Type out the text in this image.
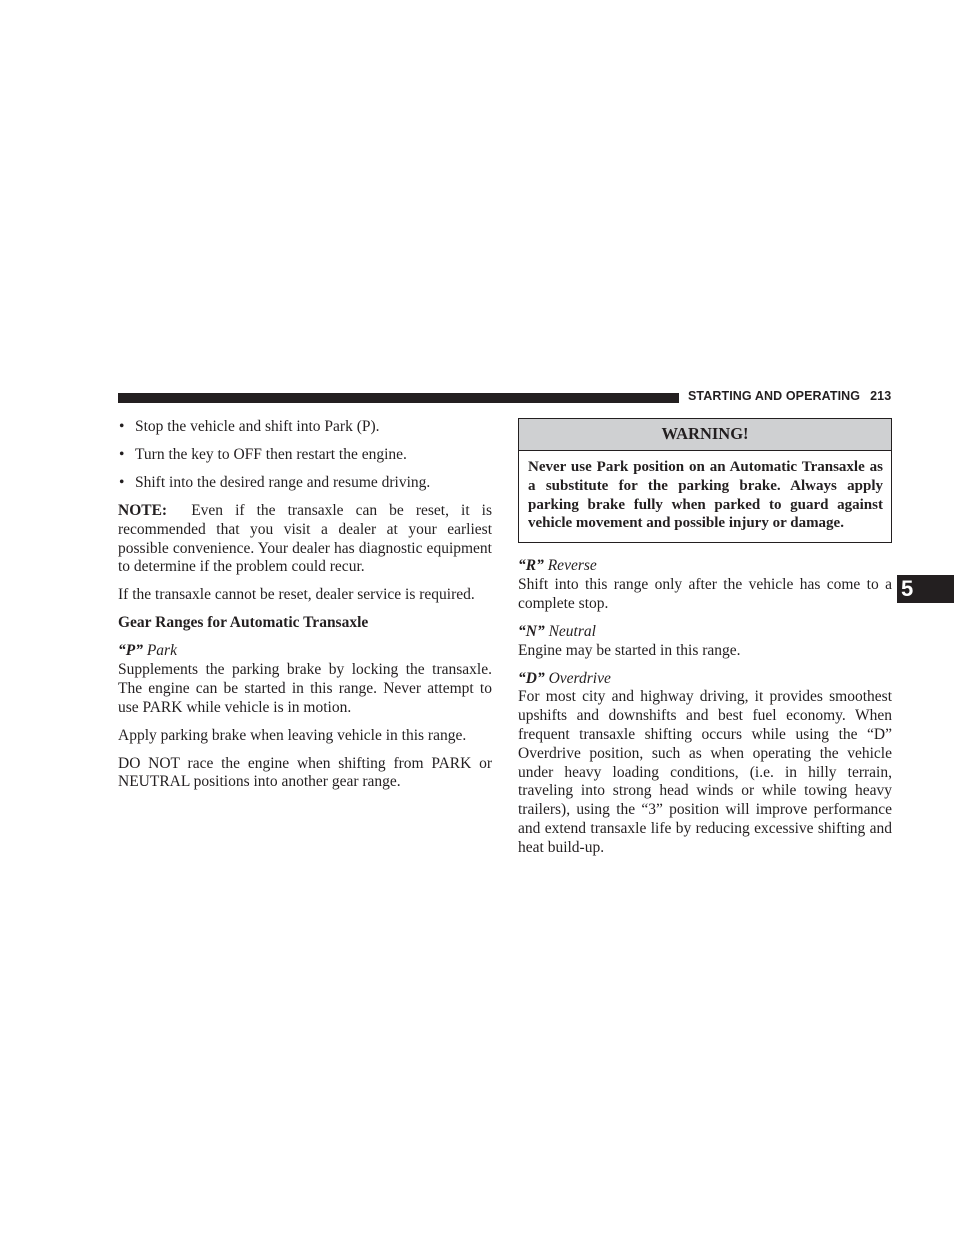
STARTING AND OPERATING 213
5
• Stop the vehicle and shift into Park (P).
• Turn the key to OFF then restart the engine.
• Shift into the desired range and resume driving.

NOTE: Even if the transaxle can be reset, it is recommended that you visit a dealer at your earliest possible convenience. Your dealer has diagnostic equipment to determine if the problem could recur.

If the transaxle cannot be reset, dealer service is required.

Gear Ranges for Automatic Transaxle

“P” Park

Supplements the parking brake by locking the transaxle. The engine can be started in this range. Never attempt to use PARK while vehicle is in motion.

Apply parking brake when leaving vehicle in this range.

DO NOT race the engine when shifting from PARK or NEUTRAL positions into another gear range.

WARNING!
Never use Park position on an Automatic Transaxle as a substitute for the parking brake. Always apply parking brake fully when parked to guard against vehicle movement and possible injury or damage.

“R” Reverse

Shift into this range only after the vehicle has come to a complete stop.

“N” Neutral

Engine may be started in this range.

“D” Overdrive

For most city and highway driving, it provides smoothest upshifts and downshifts and best fuel economy. When frequent transaxle shifting occurs while using the “D” Overdrive position, such as when operating the vehicle under heavy loading conditions, (i.e. in hilly terrain, traveling into strong head winds or while towing heavy trailers), using the “3” position will improve performance and extend transaxle life by reducing excessive shifting and heat build-up.
